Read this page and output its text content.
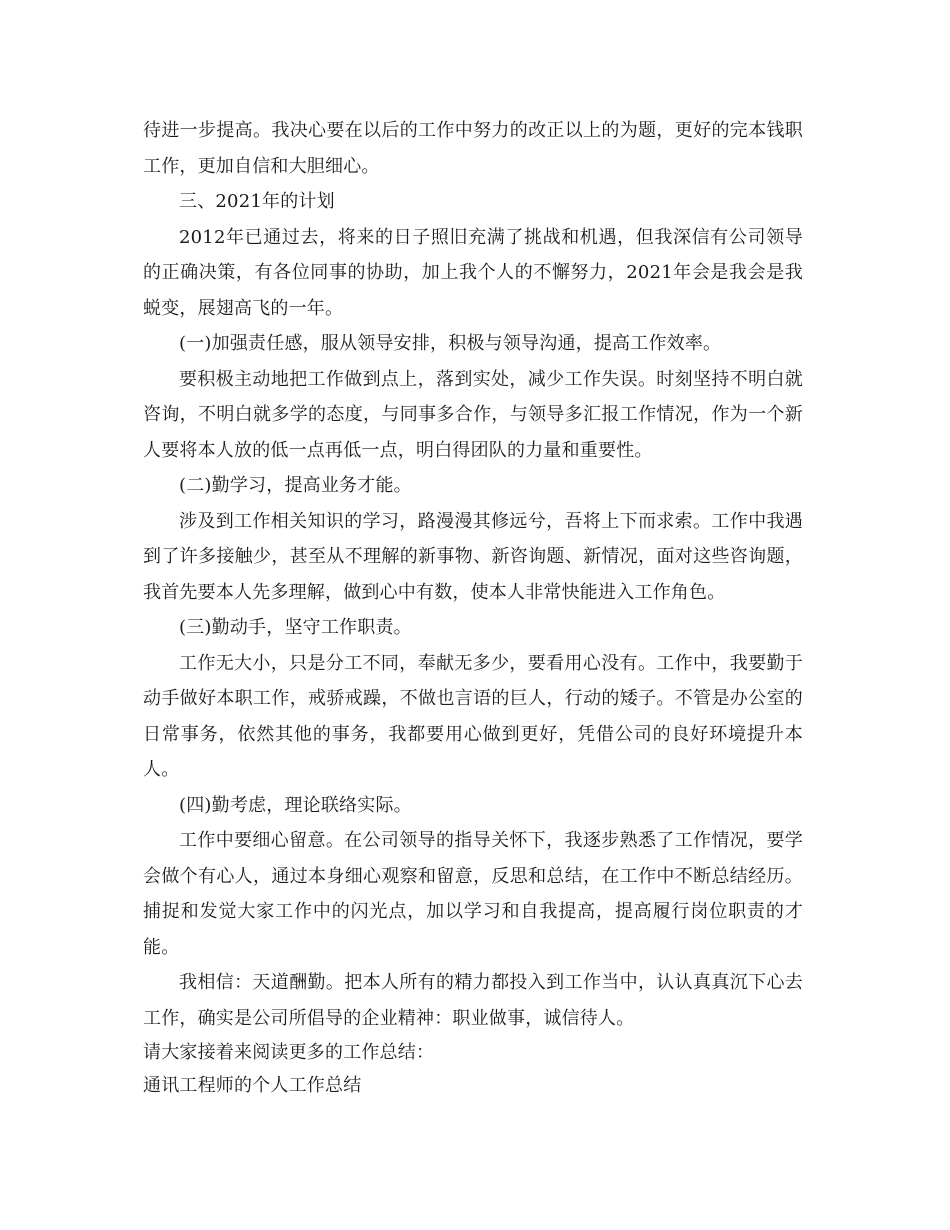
待进一步提高。我决心要在以后的工作中努力的改正以上的为题，更好的完本钱职工作，更加自信和大胆细心。

三、2021年的计划

2012年已通过去，将来的日子照旧充满了挑战和机遇，但我深信有公司领导的正确决策，有各位同事的协助，加上我个人的不懈努力，2021年会是我会是我蜕变，展翅高飞的一年。

(一)加强责任感，服从领导安排，积极与领导沟通，提高工作效率。

要积极主动地把工作做到点上，落到实处，减少工作失误。时刻坚持不明白就咨询，不明白就多学的态度，与同事多合作，与领导多汇报工作情况，作为一个新人要将本人放的低一点再低一点，明白得团队的力量和重要性。

(二)勤学习，提高业务才能。

涉及到工作相关知识的学习，路漫漫其修远兮，吾将上下而求索。工作中我遇到了许多接触少，甚至从不理解的新事物、新咨询题、新情况，面对这些咨询题，我首先要本人先多理解，做到心中有数，使本人非常快能进入工作角色。

(三)勤动手，坚守工作职责。

工作无大小，只是分工不同，奉献无多少，要看用心没有。工作中，我要勤于动手做好本职工作，戒骄戒躁，不做也言语的巨人，行动的矮子。不管是办公室的日常事务，依然其他的事务，我都要用心做到更好，凭借公司的良好环境提升本人。

(四)勤考虑，理论联络实际。

工作中要细心留意。在公司领导的指导关怀下，我逐步熟悉了工作情况，要学会做个有心人，通过本身细心观察和留意，反思和总结，在工作中不断总结经历。捕捉和发觉大家工作中的闪光点，加以学习和自我提高，提高履行岗位职责的才能。

我相信：天道酬勤。把本人所有的精力都投入到工作当中，认认真真沉下心去工作，确实是公司所倡导的企业精神：职业做事，诚信待人。

请大家接着来阅读更多的工作总结：

通讯工程师的个人工作总结
